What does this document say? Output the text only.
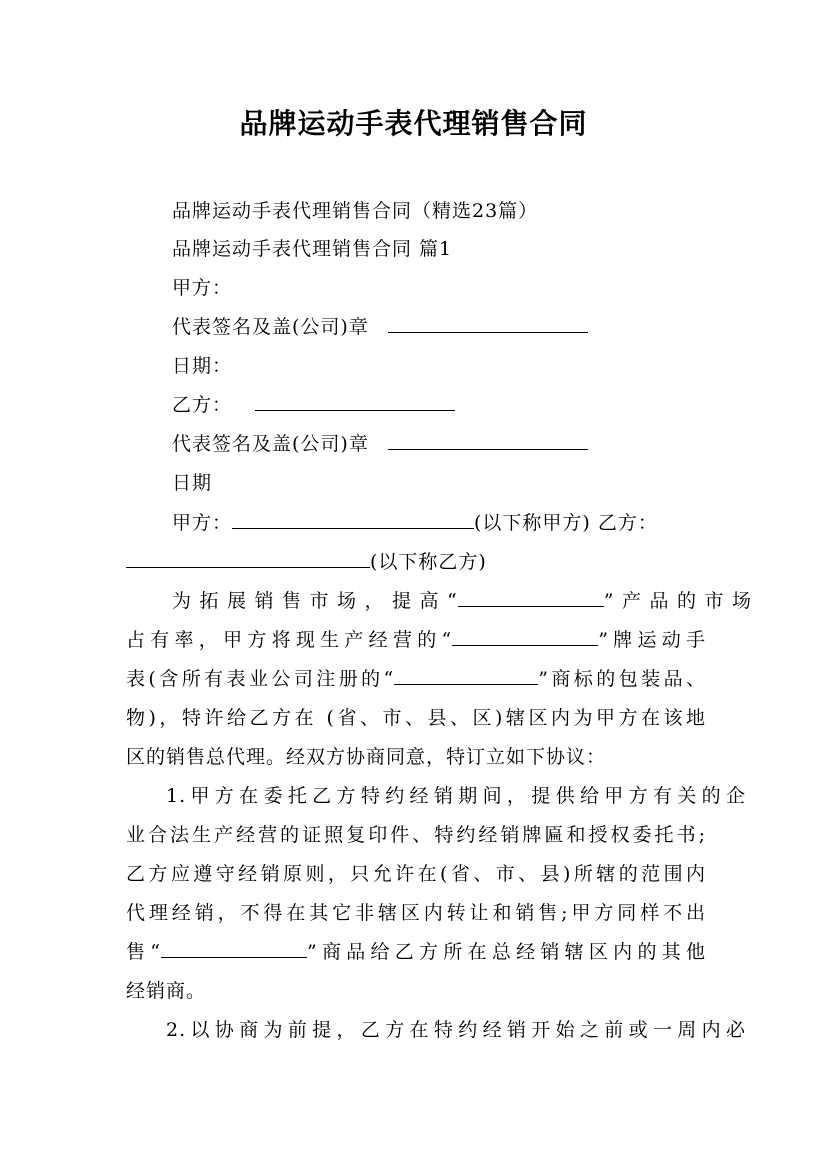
品牌运动手表代理销售合同
品牌运动手表代理销售合同（精选23篇）
品牌运动手表代理销售合同 篇1
甲方：
代表签名及盖(公司)章
日期：
乙方：
代表签名及盖(公司)章
日期
甲方：	(以下称甲方) 乙方：
(以下称乙方)
为拓展销售市场，提高“	”产品的市场
占有率，甲方将现生产经营的“	”牌运动手
表(含所有表业公司注册的“	”商标的包装品、
物)，特许给乙方在 (省、市、县、区)辖区内为甲方在该地
区的销售总代理。经双方协商同意，特订立如下协议：
1.甲方在委托乙方特约经销期间，提供给甲方有关的企
业合法生产经营的证照复印件、特约经销牌匾和授权委托书;
乙方应遵守经销原则，只允许在(省、市、县)所辖的范围内
代理经销，不得在其它非辖区内转让和销售;甲方同样不出
售“	”商品给乙方所在总经销辖区内的其他
经销商。
2.以协商为前提，乙方在特约经销开始之前或一周内必
